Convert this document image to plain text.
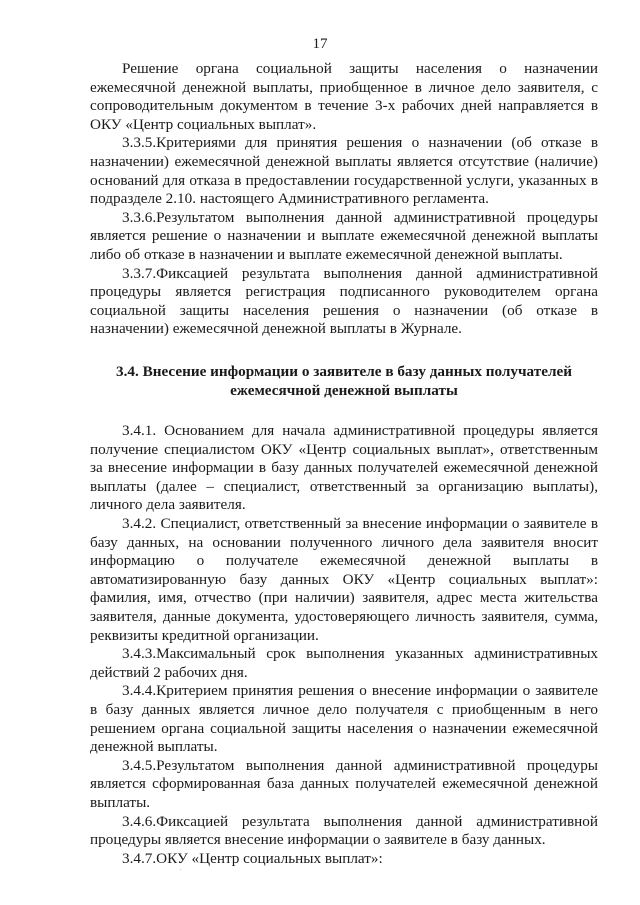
17

Решение органа социальной защиты населения о назначении ежемесячной денежной выплаты, приобщенное в личное дело заявителя, с сопроводительным документом в течение 3-х рабочих дней направляется в ОКУ «Центр социальных выплат».

3.3.5.Критериями для принятия решения о назначении (об отказе в назначении) ежемесячной денежной выплаты является отсутствие (наличие) оснований для отказа в предоставлении государственной услуги, указанных в подразделе 2.10. настоящего Административного регламента.

3.3.6.Результатом выполнения данной административной процедуры является решение о назначении и выплате ежемесячной денежной выплаты либо об отказе в назначении и выплате ежемесячной денежной выплаты.

3.3.7.Фиксацией результата выполнения данной административной процедуры является регистрация подписанного руководителем органа социальной защиты населения решения о назначении (об отказе в назначении) ежемесячной денежной выплаты в Журнале.

3.4. Внесение информации о заявителе в базу данных получателей ежемесячной денежной выплаты

3.4.1. Основанием для начала административной процедуры является получение специалистом ОКУ «Центр социальных выплат», ответственным за внесение информации в базу данных получателей ежемесячной денежной выплаты (далее – специалист, ответственный за организацию выплаты), личного дела заявителя.

3.4.2. Специалист, ответственный за внесение информации о заявителе в базу данных, на основании полученного личного дела заявителя вносит информацию о получателе ежемесячной денежной выплаты в автоматизированную базу данных ОКУ «Центр социальных выплат»: фамилия, имя, отчество (при наличии) заявителя, адрес места жительства заявителя, данные документа, удостоверяющего личность заявителя, сумма, реквизиты кредитной организации.

3.4.3.Максимальный срок выполнения указанных административных действий 2 рабочих дня.

3.4.4.Критерием принятия решения о внесение информации о заявителе в базу данных является личное дело получателя с приобщенным в него решением органа социальной защиты населения о назначении ежемесячной денежной выплаты.

3.4.5.Результатом выполнения данной административной процедуры является сформированная база данных получателей ежемесячной денежной выплаты.

3.4.6.Фиксацией результата выполнения данной административной процедуры является внесение информации о заявителе в базу данных.

3.4.7.ОКУ «Центр социальных выплат»:

.
